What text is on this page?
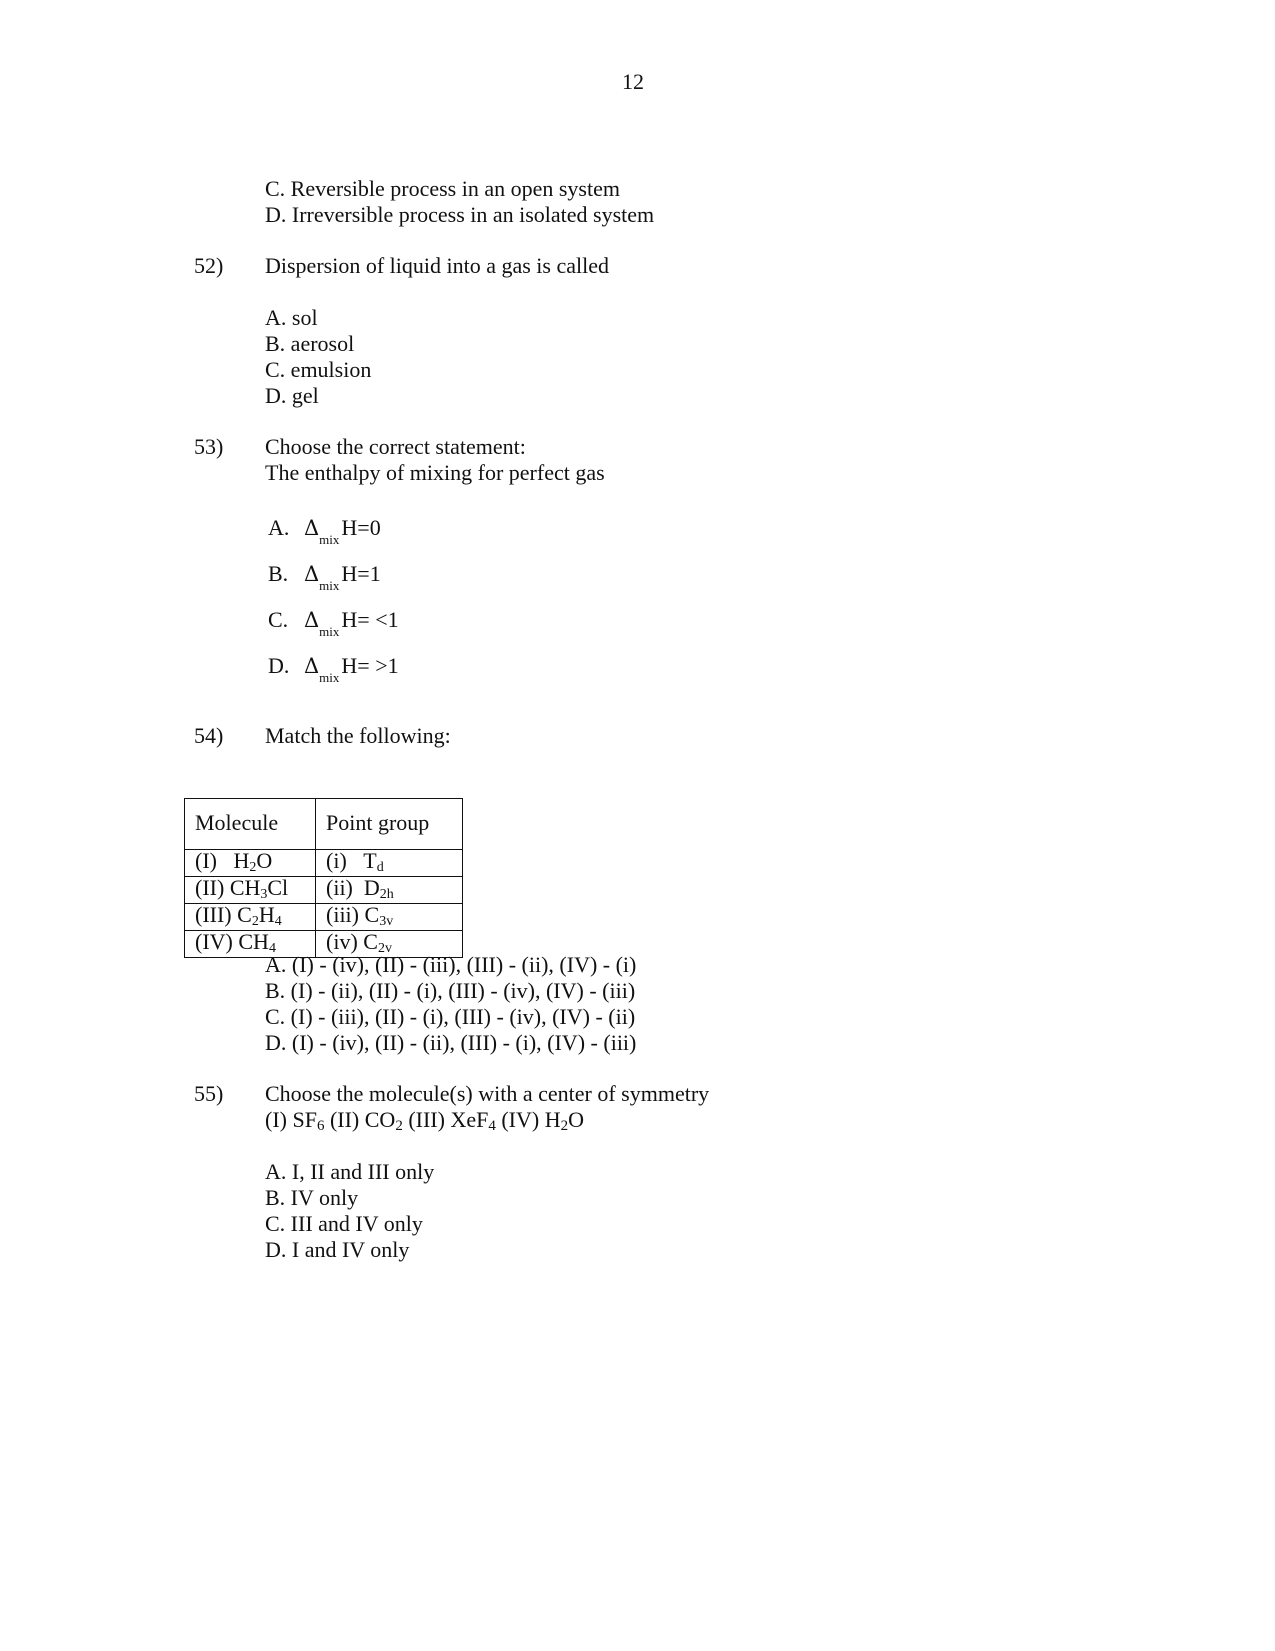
12
C. Reversible process in an open system
D. Irreversible process in an isolated system
52) Dispersion of liquid into a gas is called
A. sol
B. aerosol
C. emulsion
D. gel
53) Choose the correct statement:
The enthalpy of mixing for perfect gas
A. $\Delta_{mix}H=0$
B. $\Delta_{mix}H=1$
C. $\Delta_{mix}H= <1$
D. $\Delta_{mix}H= >1$
54) Match the following:
Molecule	Point group
(I) H2O	(i) Td
(II) CH3Cl	(ii) D2h
(III) C2H4	(iii) C3v
(IV) CH4	(iv) C2v
A. (I) - (iv), (II) - (iii), (III) - (ii), (IV) - (i)
B. (I) - (ii), (II) - (i), (III) - (iv), (IV) - (iii)
C. (I) - (iii), (II) - (i), (III) - (iv), (IV) - (ii)
D. (I) - (iv), (II) - (ii), (III) - (i), (IV) - (iii)
55) Choose the molecule(s) with a center of symmetry
(I) $SF_6$ (II) $CO_2$ (III) XeF$_4$ (IV) $H_2O$
A. I, II and III only
B. IV only
C. III and IV only
D. I and IV only
